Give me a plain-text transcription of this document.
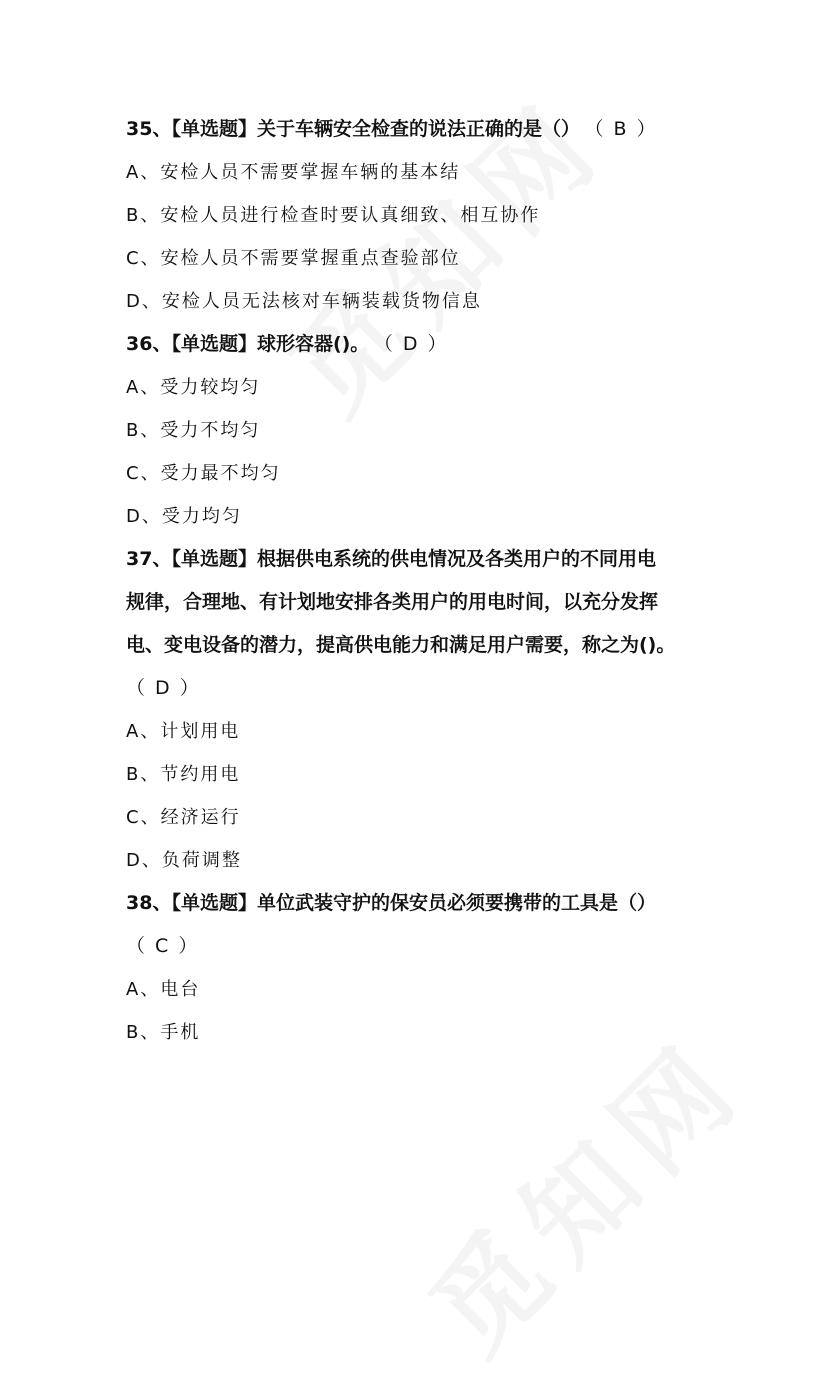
35、【单选题】关于车辆安全检查的说法正确的是（） （ B ）

A、安检人员不需要掌握车辆的基本结

B、安检人员进行检查时要认真细致、相互协作

C、安检人员不需要掌握重点查验部位

D、安检人员无法核对车辆装载货物信息

36、【单选题】球形容器()。 （ D ）

A、受力较均匀

B、受力不均匀

C、受力最不均匀

D、受力均匀

37、【单选题】根据供电系统的供电情况及各类用户的不同用电

规律，合理地、有计划地安排各类用户的用电时间，以充分发挥

电、变电设备的潜力，提高供电能力和满足用户需要，称之为()。

（ D ）

A、计划用电

B、节约用电

C、经济运行

D、负荷调整

38、【单选题】单位武装守护的保安员必须要携带的工具是（）

（ C ）

A、电台

B、手机
